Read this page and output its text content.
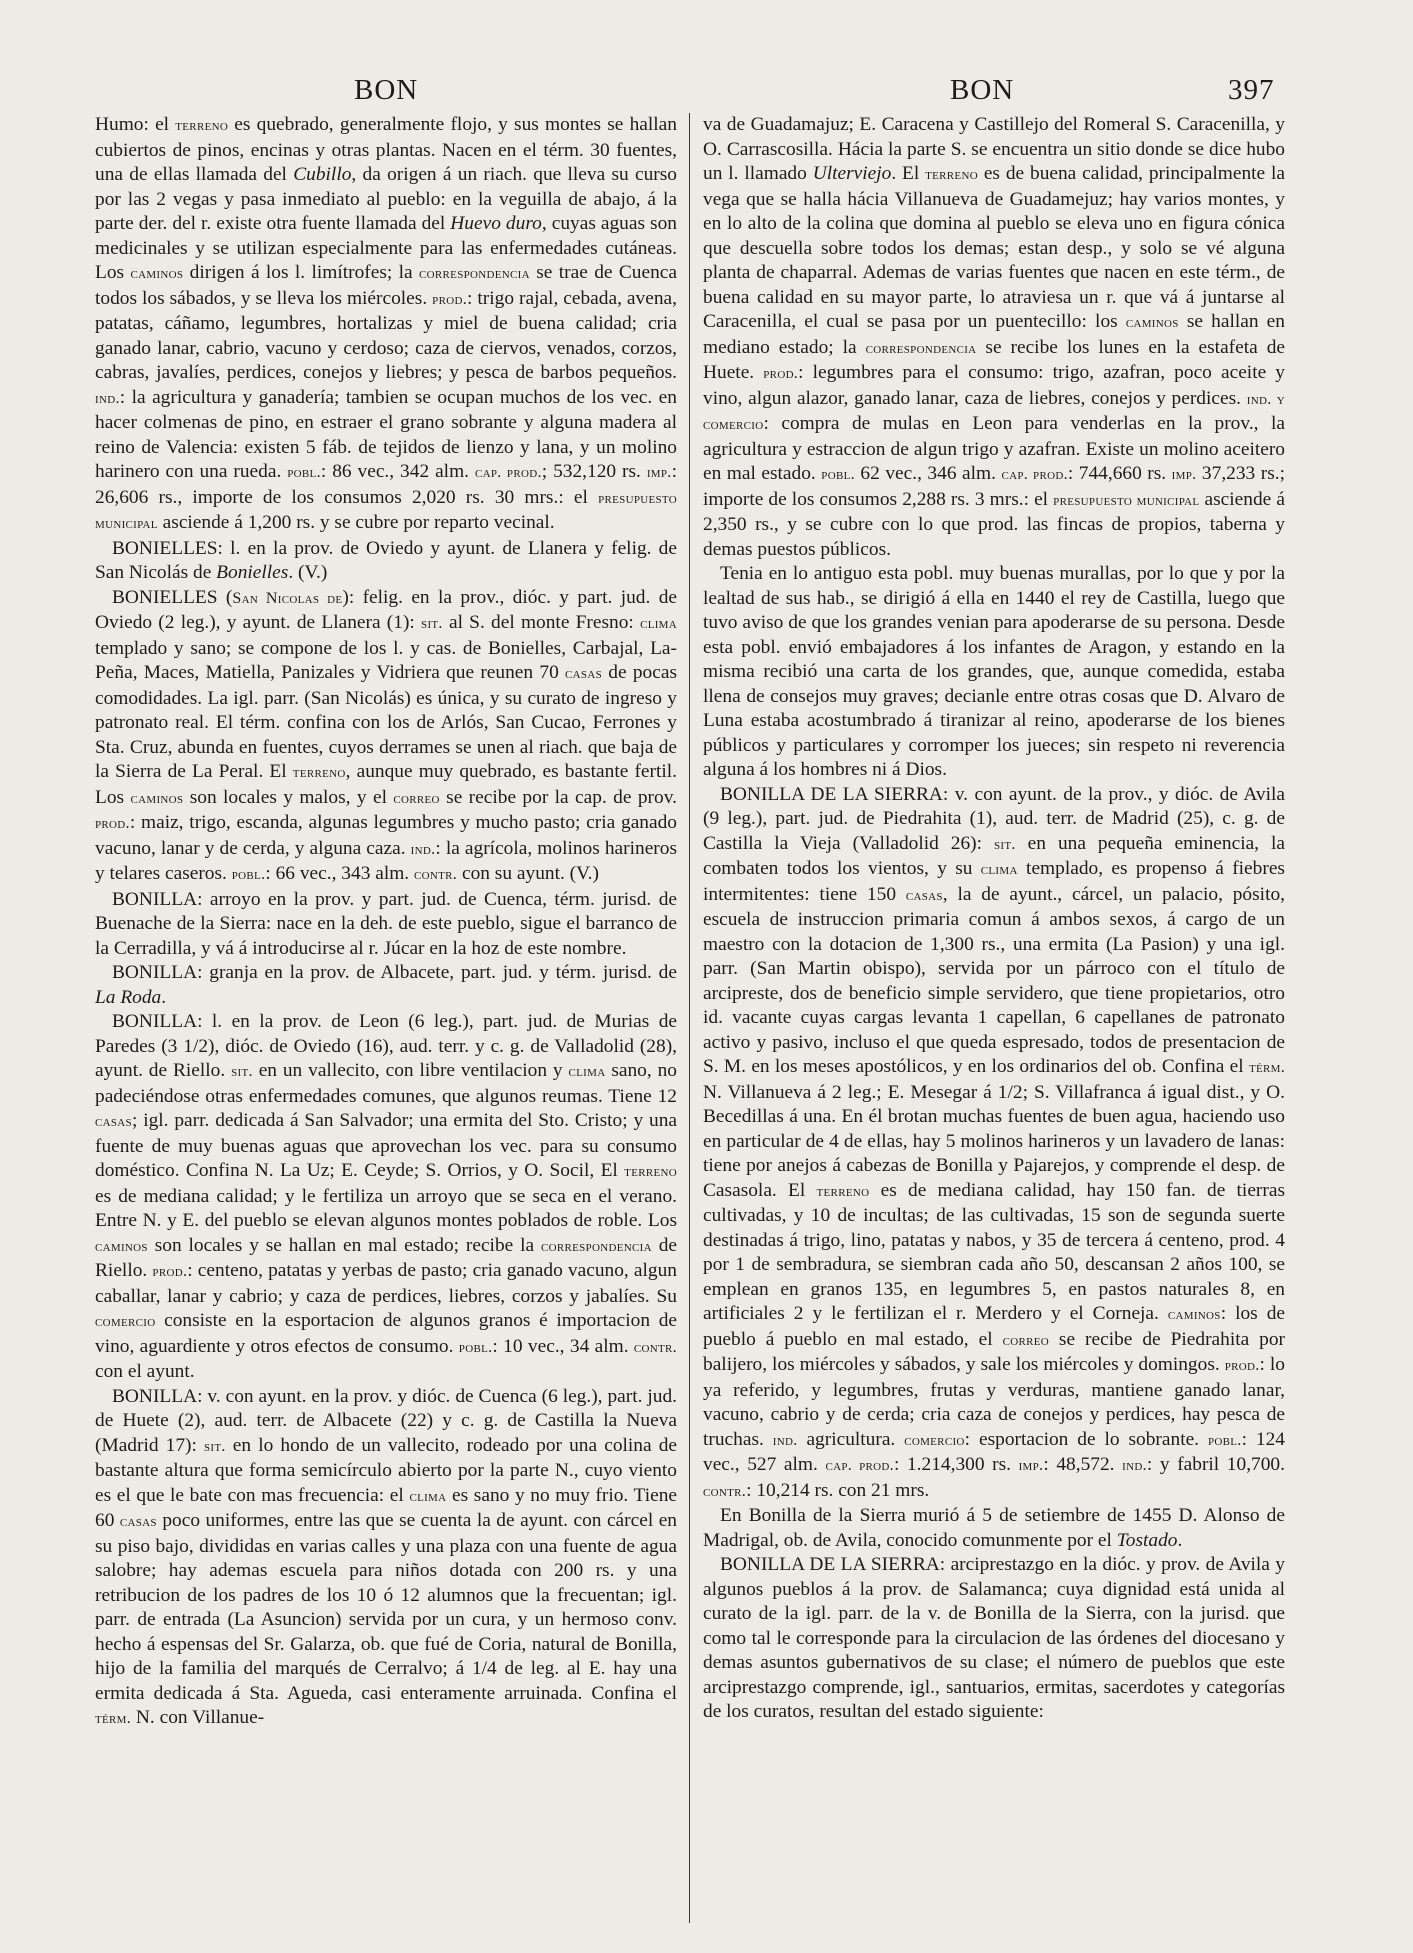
BON	BON	397

Humo: el terreno es quebrado, generalmente flojo, y sus montes se hallan cubiertos de pinos, encinas y otras plantas. Nacen en el térm. 30 fuentes, una de ellas llamada del Cubillo, da origen á un riach. que lleva su curso por las 2 vegas y pasa inmediato al pueblo: en la veguilla de abajo, á la parte der. del r. existe otra fuente llamada del Huevo duro, cuyas aguas son medicinales y se utilizan especialmente para las enfermedades cutáneas. Los caminos dirigen á los l. limítrofes; la correspondencia se trae de Cuenca todos los sábados, y se lleva los miércoles. prod.: trigo rajal, cebada, avena, patatas, cáñamo, legumbres, hortalizas y miel de buena calidad; cria ganado lanar, cabrio, vacuno y cerdoso; caza de ciervos, venados, corzos, cabras, javalíes, perdices, conejos y liebres; y pesca de barbos pequeños. ind.: la agricultura y ganadería; tambien se ocupan muchos de los vec. en hacer colmenas de pino, en estraer el grano sobrante y alguna madera al reino de Valencia: existen 5 fáb. de tejidos de lienzo y lana, y un molino harinero con una rueda. pobl.: 86 vec., 342 alm. cap. prod.; 532,120 rs. imp.: 26,606 rs., importe de los consumos 2,020 rs. 30 mrs.: el presupuesto municipal asciende á 1,200 rs. y se cubre por reparto vecinal.

BONIELLES: l. en la prov. de Oviedo y ayunt. de Llanera y felig. de San Nicolás de Bonielles. (V.)

BONIELLES (San Nicolas de): felig. en la prov., dióc. y part. jud. de Oviedo (2 leg.), y ayunt. de Llanera (1): sit. al S. del monte Fresno: clima templado y sano; se compone de los l. y cas. de Bonielles, Carbajal, La-Peña, Maces, Matiella, Panizales y Vidriera que reunen 70 casas de pocas comodidades. La igl. parr. (San Nicolás) es única, y su curato de ingreso y patronato real. El térm. confina con los de Arlós, San Cucao, Ferrones y Sta. Cruz, abunda en fuentes, cuyos derrames se unen al riach. que baja de la Sierra de La Peral. El terreno, aunque muy quebrado, es bastante fertil. Los caminos son locales y malos, y el correo se recibe por la cap. de prov. prod.: maiz, trigo, escanda, algunas legumbres y mucho pasto; cria ganado vacuno, lanar y de cerda, y alguna caza. ind.: la agrícola, molinos harineros y telares caseros. pobl.: 66 vec., 343 alm. contr. con su ayunt. (V.)

BONILLA: arroyo en la prov. y part. jud. de Cuenca, térm. jurisd. de Buenache de la Sierra: nace en la deh. de este pueblo, sigue el barranco de la Cerradilla, y vá á introducirse al r. Júcar en la hoz de este nombre.

BONILLA: granja en la prov. de Albacete, part. jud. y térm. jurisd. de La Roda.

BONILLA: l. en la prov. de Leon (6 leg.), part. jud. de Murias de Paredes (3 1/2), dióc. de Oviedo (16), aud. terr. y c. g. de Valladolid (28), ayunt. de Riello. sit. en un vallecito, con libre ventilacion y clima sano, no padeciéndose otras enfermedades comunes, que algunos reumas. Tiene 12 casas; igl. parr. dedicada á San Salvador; una ermita del Sto. Cristo; y una fuente de muy buenas aguas que aprovechan los vec. para su consumo doméstico. Confina N. La Uz; E. Ceyde; S. Orrios, y O. Socil, El terreno es de mediana calidad; y le fertiliza un arroyo que se seca en el verano. Entre N. y E. del pueblo se elevan algunos montes poblados de roble. Los caminos son locales y se hallan en mal estado; recibe la correspondencia de Riello. prod.: centeno, patatas y yerbas de pasto; cria ganado vacuno, algun caballar, lanar y cabrio; y caza de perdices, liebres, corzos y jabalíes. Su comercio consiste en la esportacion de algunos granos é importacion de vino, aguardiente y otros efectos de consumo. pobl.: 10 vec., 34 alm. contr. con el ayunt.

BONILLA: v. con ayunt. en la prov. y dióc. de Cuenca (6 leg.), part. jud. de Huete (2), aud. terr. de Albacete (22) y c. g. de Castilla la Nueva (Madrid 17): sit. en lo hondo de un vallecito, rodeado por una colina de bastante altura que forma semicírculo abierto por la parte N., cuyo viento es el que le bate con mas frecuencia: el clima es sano y no muy frio. Tiene 60 casas poco uniformes, entre las que se cuenta la de ayunt. con cárcel en su piso bajo, divididas en varias calles y una plaza con una fuente de agua salobre; hay ademas escuela para niños dotada con 200 rs. y una retribucion de los padres de los 10 ó 12 alumnos que la frecuentan; igl. parr. de entrada (La Asuncion) servida por un cura, y un hermoso conv. hecho á espensas del Sr. Galarza, ob. que fué de Coria, natural de Bonilla, hijo de la familia del marqués de Cerralvo; á 1/4 de leg. al E. hay una ermita dedicada á Sta. Agueda, casi enteramente arruinada. Confina el térm. N. con Villanue-

va de Guadamajuz; E. Caracena y Castillejo del Romeral S. Caracenilla, y O. Carrascosilla. Hácia la parte S. se encuentra un sitio donde se dice hubo un l. llamado Ulterviejo. El terreno es de buena calidad, principalmente la vega que se halla hácia Villanueva de Guadamejuz; hay varios montes, y en lo alto de la colina que domina al pueblo se eleva uno en figura cónica que descuella sobre todos los demas; estan desp., y solo se vé alguna planta de chaparral. Ademas de varias fuentes que nacen en este térm., de buena calidad en su mayor parte, lo atraviesa un r. que vá á juntarse al Caracenilla, el cual se pasa por un puentecillo: los caminos se hallan en mediano estado; la correspondencia se recibe los lunes en la estafeta de Huete. prod.: legumbres para el consumo: trigo, azafran, poco aceite y vino, algun alazor, ganado lanar, caza de liebres, conejos y perdices. ind. y comercio: compra de mulas en Leon para venderlas en la prov., la agricultura y estraccion de algun trigo y azafran. Existe un molino aceitero en mal estado. pobl. 62 vec., 346 alm. cap. prod.: 744,660 rs. imp. 37,233 rs.; importe de los consumos 2,288 rs. 3 mrs.: el presupuesto municipal asciende á 2,350 rs., y se cubre con lo que prod. las fincas de propios, taberna y demas puestos públicos.

Tenia en lo antiguo esta pobl. muy buenas murallas, por lo que y por la lealtad de sus hab., se dirigió á ella en 1440 el rey de Castilla, luego que tuvo aviso de que los grandes venian para apoderarse de su persona. Desde esta pobl. envió embajadores á los infantes de Aragon, y estando en la misma recibió una carta de los grandes, que, aunque comedida, estaba llena de consejos muy graves; decianle entre otras cosas que D. Alvaro de Luna estaba acostumbrado á tiranizar al reino, apoderarse de los bienes públicos y particulares y corromper los jueces; sin respeto ni reverencia alguna á los hombres ni á Dios.

BONILLA DE LA SIERRA: v. con ayunt. de la prov., y dióc. de Avila (9 leg.), part. jud. de Piedrahita (1), aud. terr. de Madrid (25), c. g. de Castilla la Vieja (Valladolid 26): sit. en una pequeña eminencia, la combaten todos los vientos, y su clima templado, es propenso á fiebres intermitentes: tiene 150 casas, la de ayunt., cárcel, un palacio, pósito, escuela de instruccion primaria comun á ambos sexos, á cargo de un maestro con la dotacion de 1,300 rs., una ermita (La Pasion) y una igl. parr. (San Martin obispo), servida por un párroco con el título de arcipreste, dos de beneficio simple servidero, que tiene propietarios, otro id. vacante cuyas cargas levanta 1 capellan, 6 capellanes de patronato activo y pasivo, incluso el que queda espresado, todos de presentacion de S. M. en los meses apostólicos, y en los ordinarios del ob. Confina el térm. N. Villanueva á 2 leg.; E. Mesegar á 1/2; S. Villafranca á igual dist., y O. Becedillas á una. En él brotan muchas fuentes de buen agua, haciendo uso en particular de 4 de ellas, hay 5 molinos harineros y un lavadero de lanas: tiene por anejos á cabezas de Bonilla y Pajarejos, y comprende el desp. de Casasola. El terreno es de mediana calidad, hay 150 fan. de tierras cultivadas, y 10 de incultas; de las cultivadas, 15 son de segunda suerte destinadas á trigo, lino, patatas y nabos, y 35 de tercera á centeno, prod. 4 por 1 de sembradura, se siembran cada año 50, descansan 2 años 100, se emplean en granos 135, en legumbres 5, en pastos naturales 8, en artificiales 2 y le fertilizan el r. Merdero y el Corneja. caminos: los de pueblo á pueblo en mal estado, el correo se recibe de Piedrahita por balijero, los miércoles y sábados, y sale los miércoles y domingos. prod.: lo ya referido, y legumbres, frutas y verduras, mantiene ganado lanar, vacuno, cabrio y de cerda; cria caza de conejos y perdices, hay pesca de truchas. ind. agricultura. comercio: esportacion de lo sobrante. pobl.: 124 vec., 527 alm. cap. prod.: 1.214,300 rs. imp.: 48,572. ind.: y fabril 10,700. contr.: 10,214 rs. con 21 mrs.

En Bonilla de la Sierra murió á 5 de setiembre de 1455 D. Alonso de Madrigal, ob. de Avila, conocido comunmente por el Tostado.

BONILLA DE LA SIERRA: arciprestazgo en la dióc. y prov. de Avila y algunos pueblos á la prov. de Salamanca; cuya dignidad está unida al curato de la igl. parr. de la v. de Bonilla de la Sierra, con la jurisd. que como tal le corresponde para la circulacion de las órdenes del diocesano y demas asuntos gubernativos de su clase; el número de pueblos que este arciprestazgo comprende, igl., santuarios, ermitas, sacerdotes y categorías de los curatos, resultan del estado siguiente:
